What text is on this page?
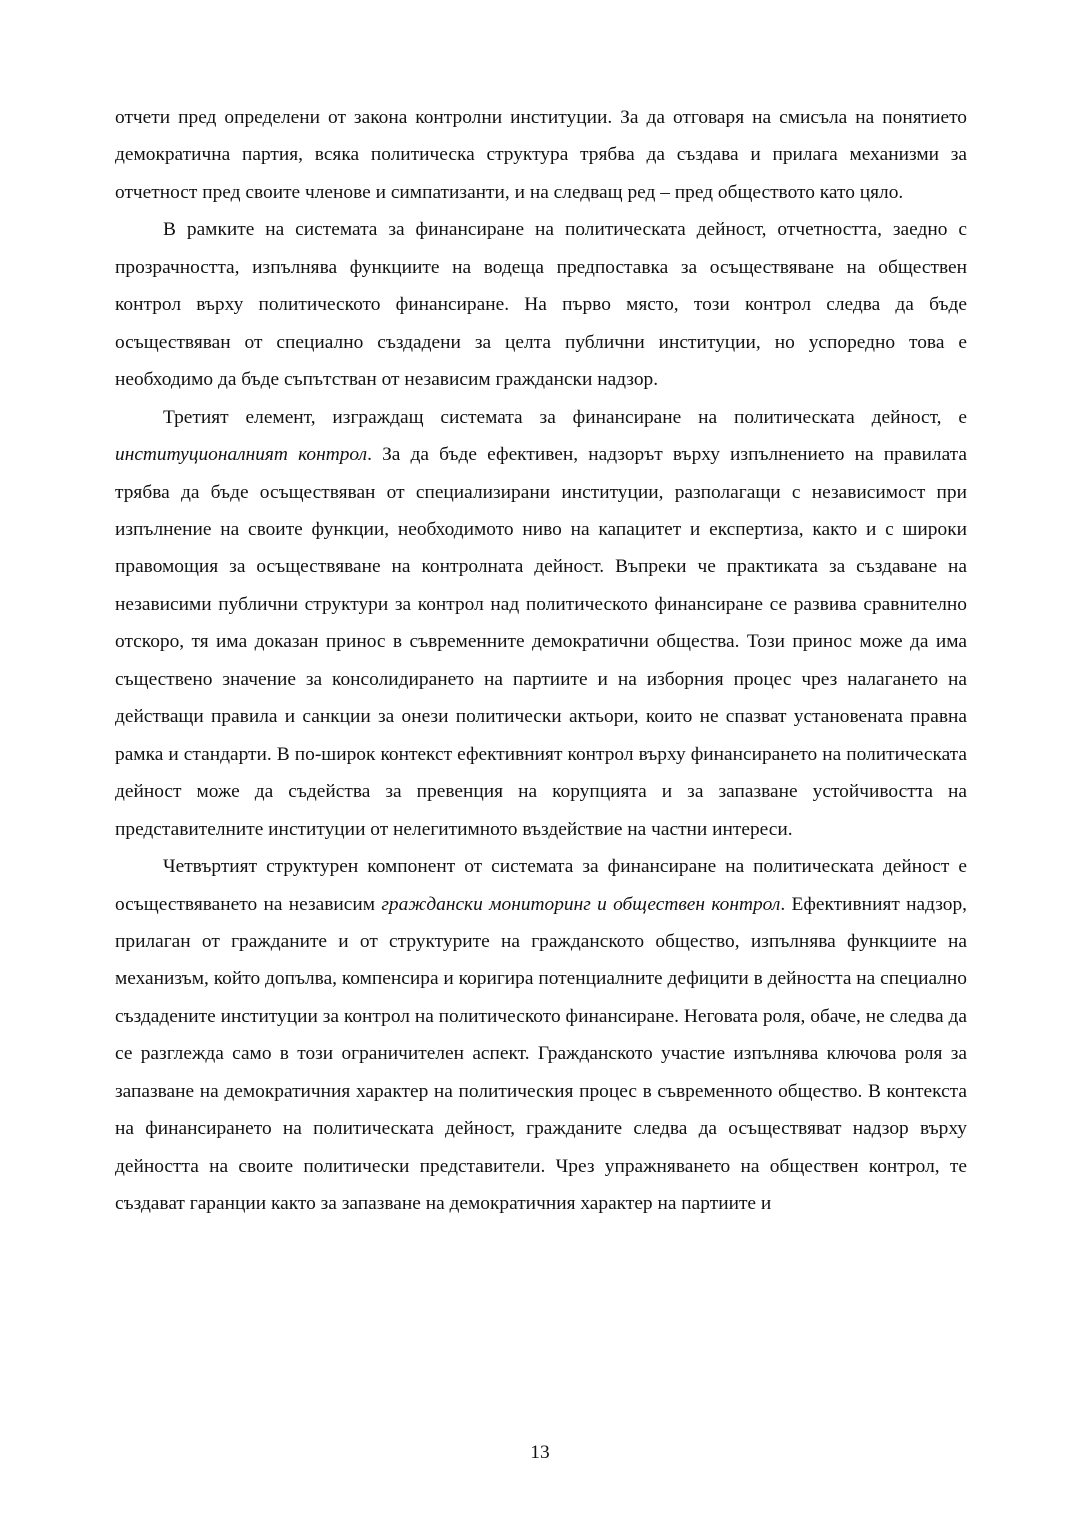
отчети пред определени от закона контролни институции. За да отговаря на смисъла на понятието демократична партия, всяка политическа структура трябва да създава и прилага механизми за отчетност пред своите членове и симпатизанти, и на следващ ред – пред обществото като цяло.

В рамките на системата за финансиране на политическата дейност, отчетността, заедно с прозрачността, изпълнява функциите на водеща предпоставка за осъществяване на обществен контрол върху политическото финансиране. На първо място, този контрол следва да бъде осъществяван от специално създадени за целта публични институции, но успоредно това е необходимо да бъде съпътстван от независим граждански надзор.

Третият елемент, изграждащ системата за финансиране на политическата дейност, е институционалният контрол. За да бъде ефективен, надзорът върху изпълнението на правилата трябва да бъде осъществяван от специализирани институции, разполагащи с независимост при изпълнение на своите функции, необходимото ниво на капацитет и експертиза, както и с широки правомощия за осъществяване на контролната дейност. Въпреки че практиката за създаване на независими публични структури за контрол над политическото финансиране се развива сравнително отскоро, тя има доказан принос в съвременните демократични общества. Този принос може да има съществено значение за консолидирането на партиите и на изборния процес чрез налагането на действащи правила и санкции за онези политически актьори, които не спазват установената правна рамка и стандарти. В по-широк контекст ефективният контрол върху финансирането на политическата дейност може да съдейства за превенция на корупцията и за запазване устойчивостта на представителните институции от нелегитимното въздействие на частни интереси.

Четвъртият структурен компонент от системата за финансиране на политическата дейност е осъществяването на независим граждански мониторинг и обществен контрол. Ефективният надзор, прилаган от гражданите и от структурите на гражданското общество, изпълнява функциите на механизъм, който допълва, компенсира и коригира потенциалните дефицити в дейността на специално създадените институции за контрол на политическото финансиране. Неговата роля, обаче, не следва да се разглежда само в този ограничителен аспект. Гражданското участие изпълнява ключова роля за запазване на демократичния характер на политическия процес в съвременното общество. В контекста на финансирането на политическата дейност, гражданите следва да осъществяват надзор върху дейността на своите политически представители. Чрез упражняването на обществен контрол, те създават гаранции както за запазване на демократичния характер на партиите и

13
